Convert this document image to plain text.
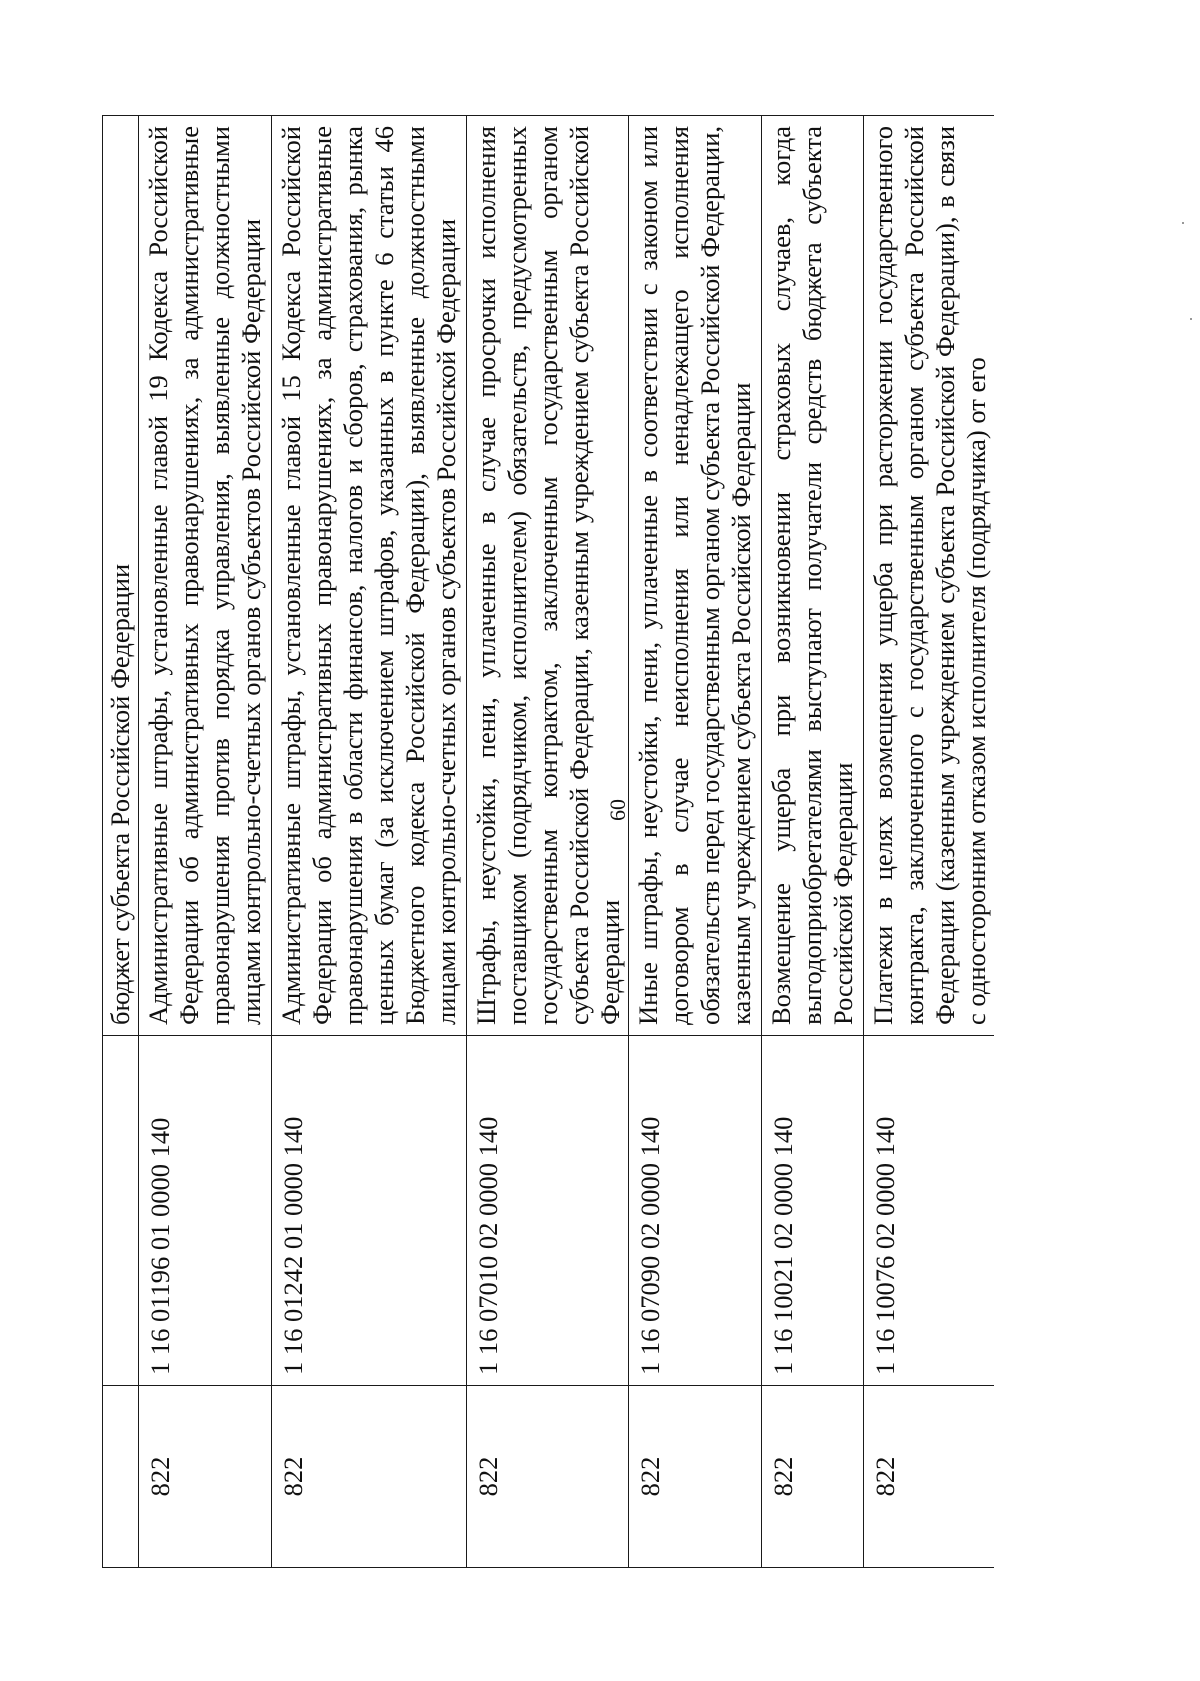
		бюджет субъекта Российской Федерации
822	1 16 01196 01 0000 140	Административные штрафы, установленные главой 19 Кодекса Российской Федерации об административных правонарушениях, за административные правонарушения против порядка управления, выявленные должностными лицами контрольно-счетных органов субъектов Российской Федерации
822	1 16 01242 01 0000 140	Административные штрафы, установленные главой 15 Кодекса Российской Федерации об административных правонарушениях, за административные правонарушения в области финансов, налогов и сборов, страхования, рынка ценных бумаг (за исключением штрафов, указанных в пункте 6 статьи 46 Бюджетного кодекса Российской Федерации), выявленные должностными лицами контрольно-счетных органов субъектов Российской Федерации
822	1 16 07010 02 0000 140	Штрафы, неустойки, пени, уплаченные в случае просрочки исполнения поставщиком (подрядчиком, исполнителем) обязательств, предусмотренных государственным контрактом, заключенным государственным органом субъекта Российской Федерации, казенным учреждением субъекта Российской Федерации
822	1 16 07090 02 0000 140	Иные штрафы, неустойки, пени, уплаченные в соответствии с законом или договором в случае неисполнения или ненадлежащего исполнения обязательств перед государственным органом субъекта Российской Федерации, казенным учреждением субъекта Российской Федерации
822	1 16 10021 02 0000 140	Возмещение ущерба при возникновении страховых случаев, когда выгодоприобретателями выступают получатели средств бюджета субъекта Российской Федерации
822	1 16 10076 02 0000 140	Платежи в целях возмещения ущерба при расторжении государственного контракта, заключенного с государственным органом субъекта Российской Федерации (казенным учреждением субъекта Российской Федерации), в связи с односторонним отказом исполнителя (подрядчика) от его
60
